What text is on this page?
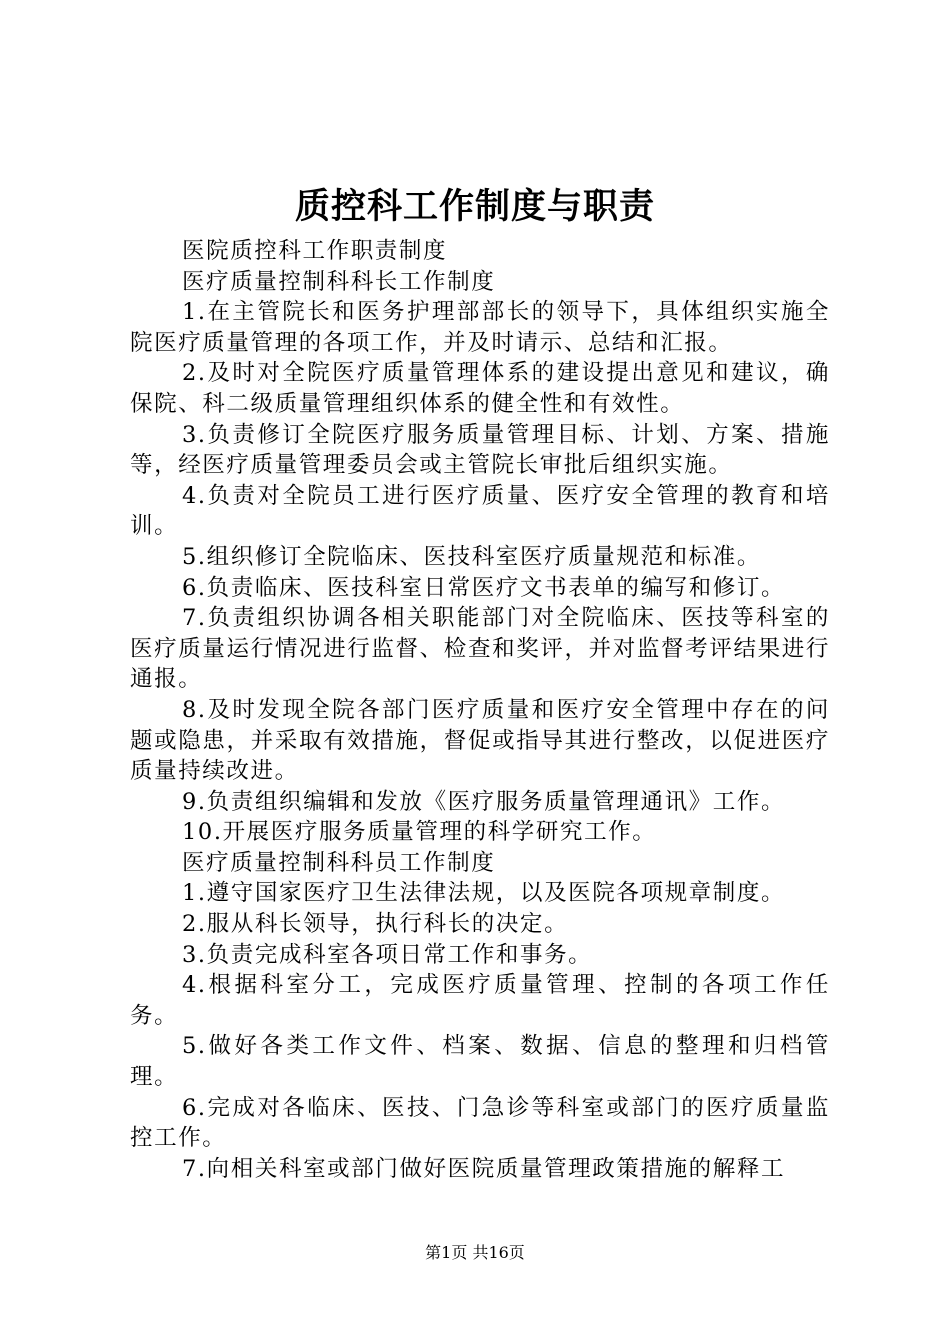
质控科工作制度与职责

医院质控科工作职责制度

医疗质量控制科科长工作制度

1.在主管院长和医务护理部部长的领导下，具体组织实施全院医疗质量管理的各项工作，并及时请示、总结和汇报。

2.及时对全院医疗质量管理体系的建设提出意见和建议，确保院、科二级质量管理组织体系的健全性和有效性。

3.负责修订全院医疗服务质量管理目标、计划、方案、措施等，经医疗质量管理委员会或主管院长审批后组织实施。

4.负责对全院员工进行医疗质量、医疗安全管理的教育和培训。

5.组织修订全院临床、医技科室医疗质量规范和标准。

6.负责临床、医技科室日常医疗文书表单的编写和修订。

7.负责组织协调各相关职能部门对全院临床、医技等科室的医疗质量运行情况进行监督、检查和奖评，并对监督考评结果进行通报。

8.及时发现全院各部门医疗质量和医疗安全管理中存在的问题或隐患，并采取有效措施，督促或指导其进行整改，以促进医疗质量持续改进。

9.负责组织编辑和发放《医疗服务质量管理通讯》工作。

10.开展医疗服务质量管理的科学研究工作。

医疗质量控制科科员工作制度

1.遵守国家医疗卫生法律法规，以及医院各项规章制度。

2.服从科长领导，执行科长的决定。

3.负责完成科室各项日常工作和事务。

4.根据科室分工，完成医疗质量管理、控制的各项工作任务。

5.做好各类工作文件、档案、数据、信息的整理和归档管理。

6.完成对各临床、医技、门急诊等科室或部门的医疗质量监控工作。

7.向相关科室或部门做好医院质量管理政策措施的解释工

第1页 共16页
